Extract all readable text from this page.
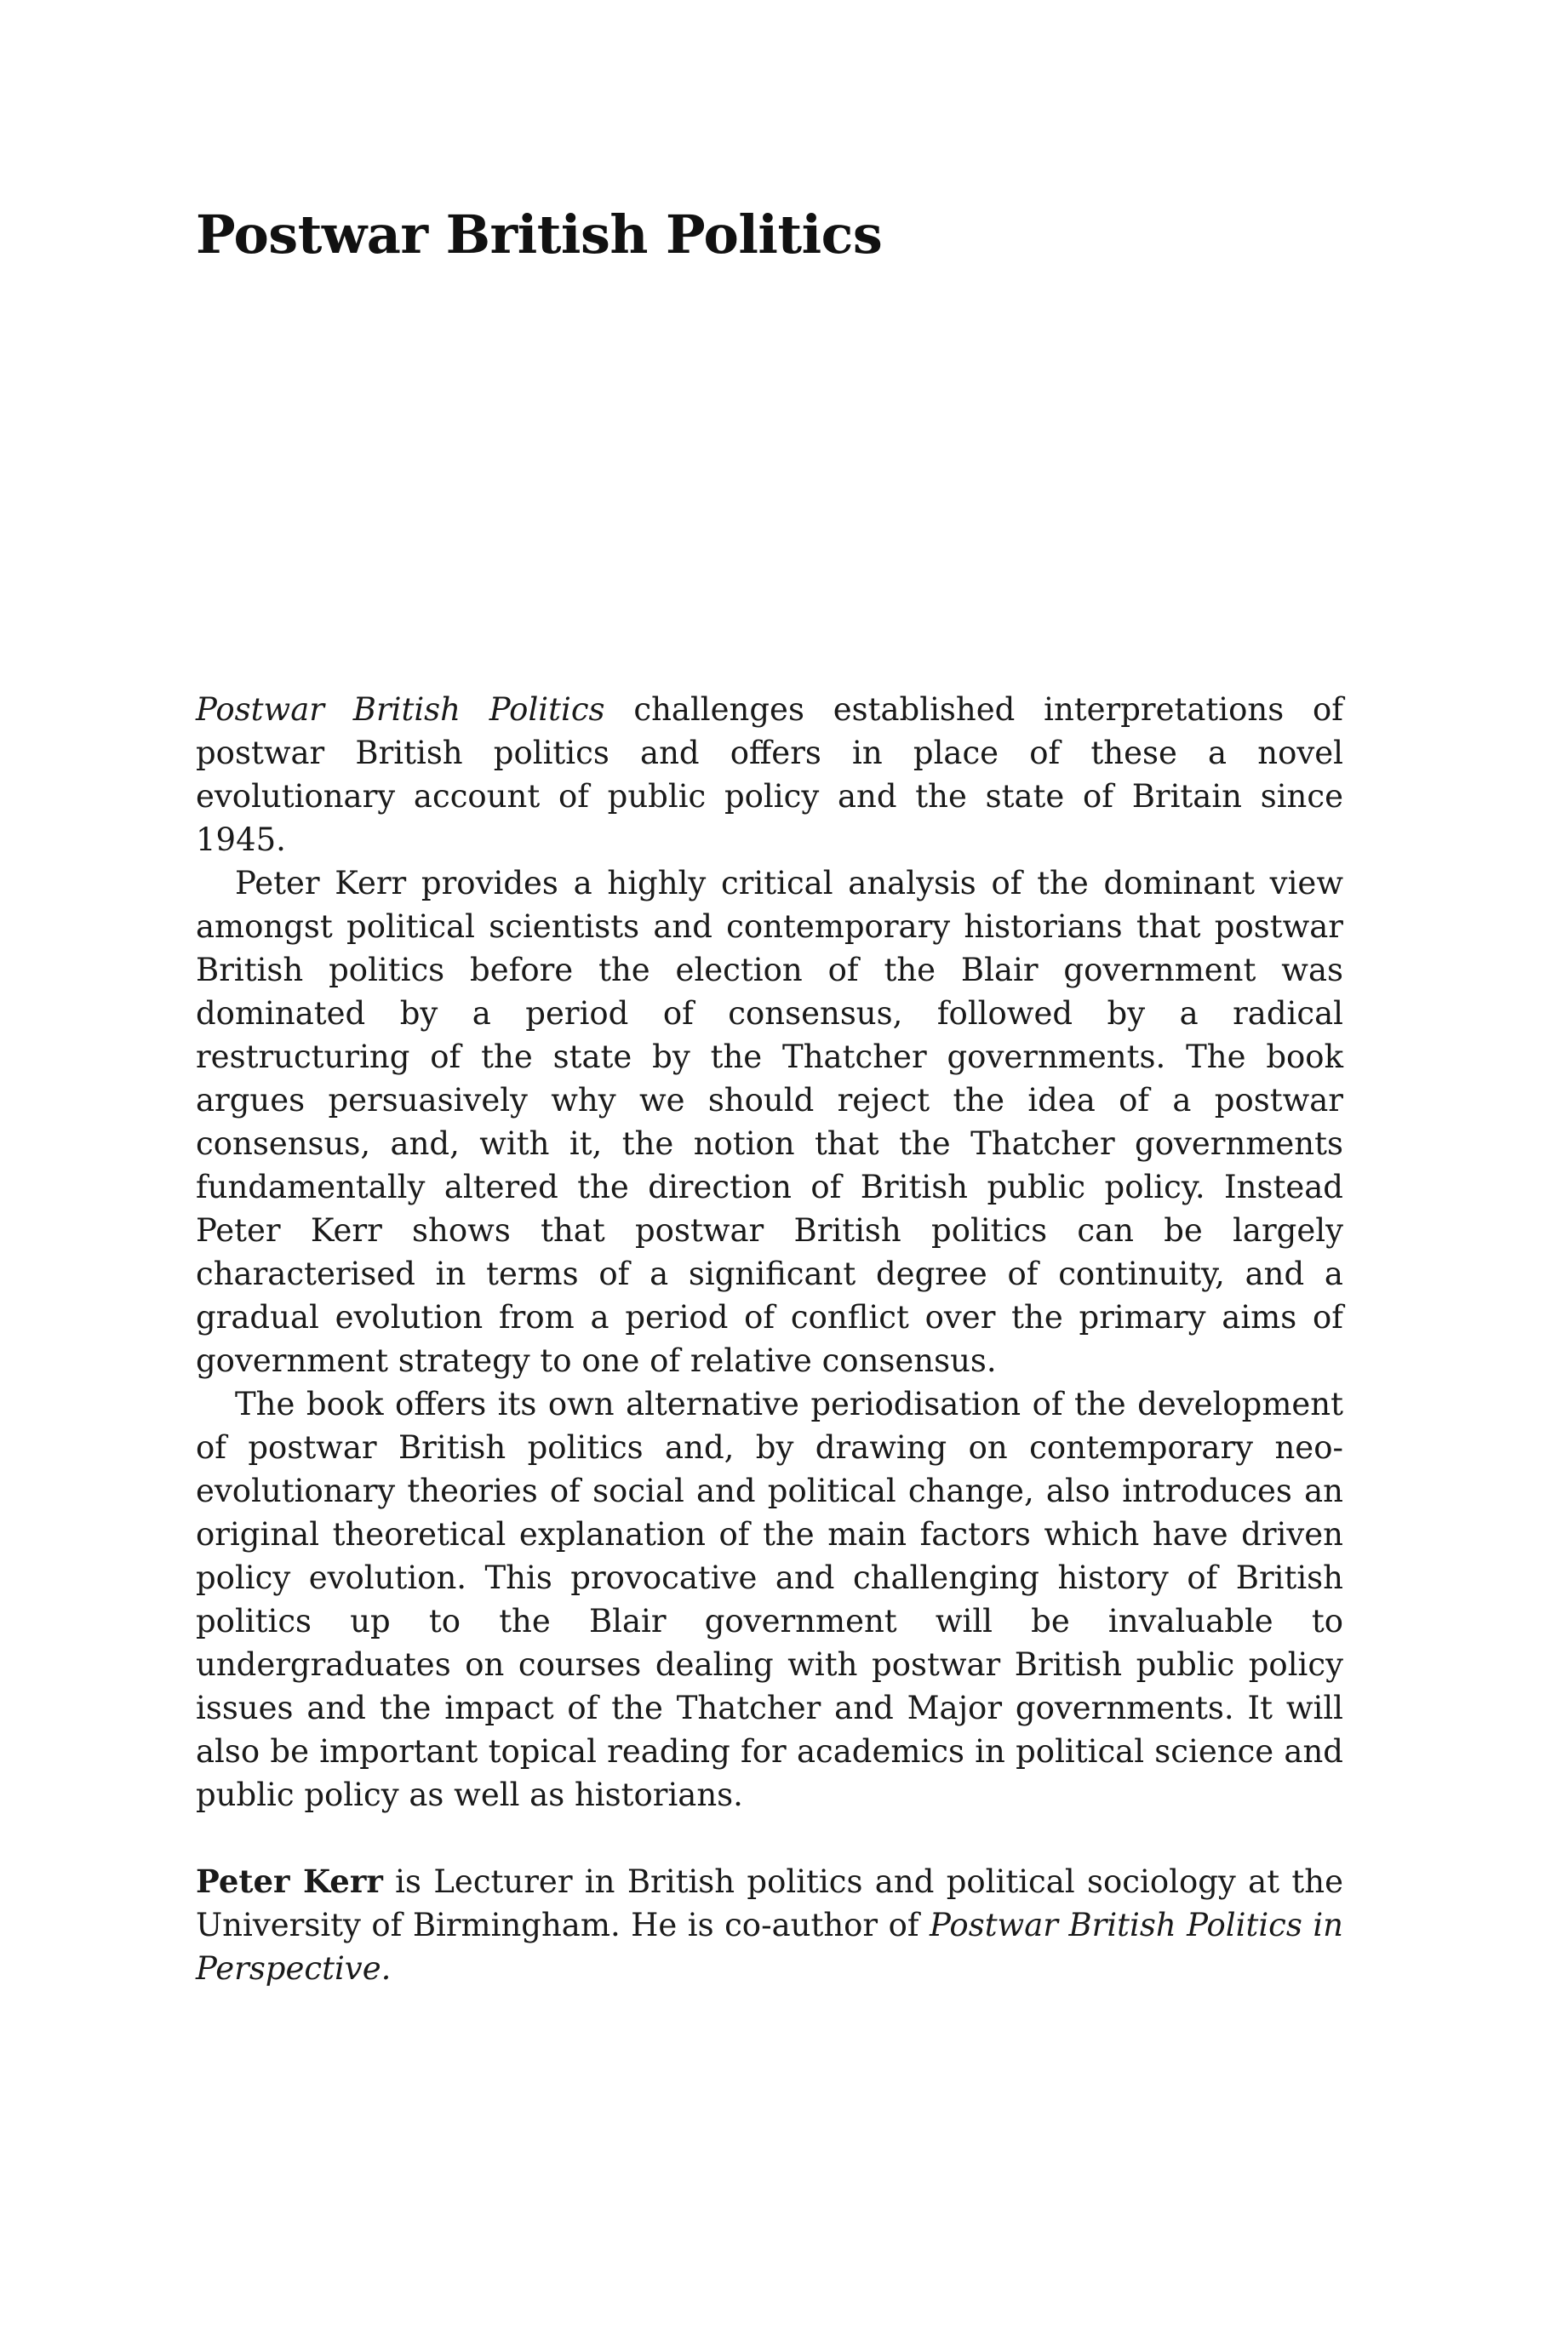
Postwar British Politics

Postwar British Politics challenges established interpretations of postwar British politics and offers in place of these a novel evolutionary account of public policy and the state of Britain since 1945.

Peter Kerr provides a highly critical analysis of the dominant view amongst political scientists and contemporary historians that postwar British politics before the election of the Blair government was dominated by a period of consensus, followed by a radical restructuring of the state by the Thatcher governments. The book argues persuasively why we should reject the idea of a postwar consensus, and, with it, the notion that the Thatcher governments fundamentally altered the direction of British public policy. Instead Peter Kerr shows that postwar British politics can be largely characterised in terms of a significant degree of continuity, and a gradual evolution from a period of conflict over the primary aims of government strategy to one of relative consensus.

The book offers its own alternative periodisation of the development of postwar British politics and, by drawing on contemporary neo-evolutionary theories of social and political change, also introduces an original theoretical explanation of the main factors which have driven policy evolution. This provocative and challenging history of British politics up to the Blair government will be invaluable to undergraduates on courses dealing with postwar British public policy issues and the impact of the Thatcher and Major governments. It will also be important topical reading for academics in political science and public policy as well as historians.

Peter Kerr is Lecturer in British politics and political sociology at the University of Birmingham. He is co-author of Postwar British Politics in Perspective.
